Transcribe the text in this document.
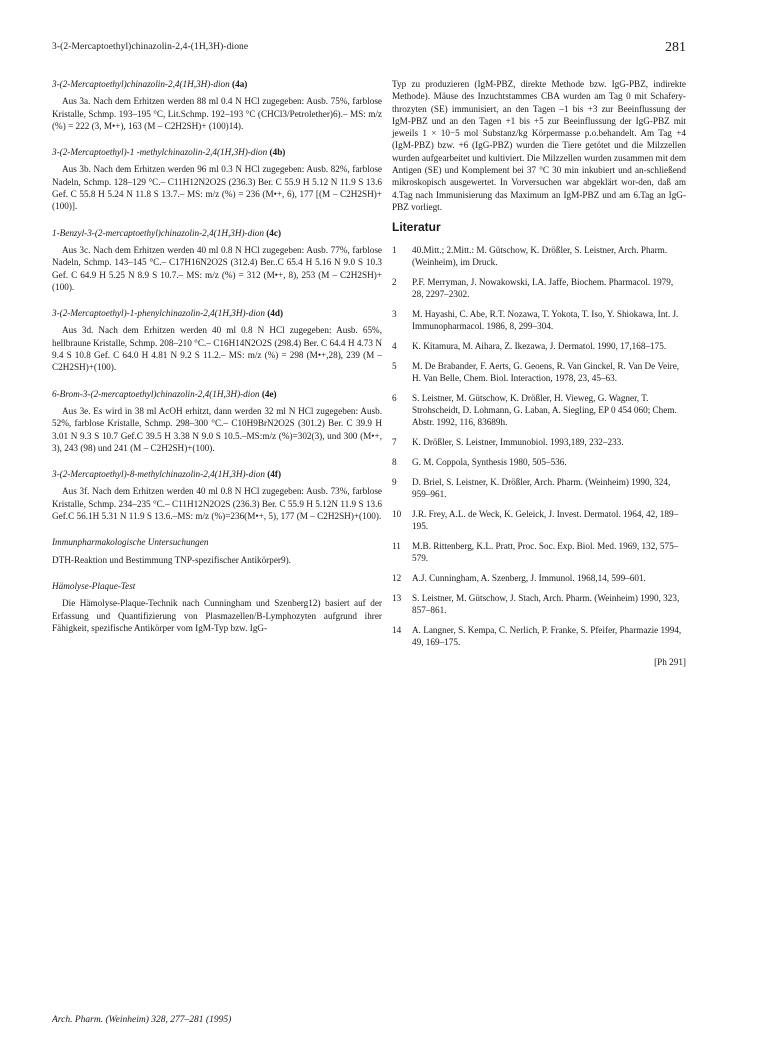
3-(2-Mercaptoethyl)chinazolin-2,4-(1H,3H)-dione	281
3-(2-Mercaptoethyl)chinazolin-2,4(1H,3H)-dion (4a)

Aus 3a. Nach dem Erhitzen werden 88 ml 0.4 N HCl zugegeben: Ausb. 75%, farblose Kristalle, Schmp. 193–195 °C, Lit.Schmp. 192–193 °C (CHCl3/Petrolether)6).– MS: m/z (%) = 222 (3, M•+), 163 (M – C2H2SH)+ (100)14).

3-(2-Mercaptoethyl)-1 -methylchinazolin-2,4(1H,3H)-dion (4b)

Aus 3b. Nach dem Erhitzen werden 96 ml 0.3 N HCl zugegeben: Ausb. 82%, farblose Nadeln, Schmp. 128–129 °C.– C11H12N2O2S (236.3) Ber. C 55.9 H 5.12 N 11.9 S 13.6 Gef. C 55.8 H 5.24 N 11.8 S 13.7.– MS: m/z (%) = 236 (M•+, 6), 177 [(M – C2H2SH)+(100)].

1-Benzyl-3-(2-mercaptoethyl)chinazolin-2,4(1H,3H)-dion (4c)

Aus 3c. Nach dem Erhitzen werden 40 ml 0.8 N HCl zugegeben: Ausb. 77%, farblose Nadeln, Schmp. 143–145 °C.– C17H16N2O2S (312.4) Ber..C 65.4 H 5.16 N 9.0 S 10.3 Gef. C 64.9 H 5.25 N 8.9 S 10.7.– MS: m/z (%) = 312 (M•+, 8), 253 (M – C2H2SH)+ (100).

3-(2-Mercaptoethyl)-1-phenylchinazolin-2,4(1H,3H)-dion (4d)

Aus 3d. Nach dem Erhitzen werden 40 ml 0.8 N HCl zugegeben: Ausb. 65%, hellbraune Kristalle, Schmp. 208–210 °C.– C16H14N2O2S (298.4) Ber. C 64.4 H 4.73 N 9.4 S 10.8 Gef. C 64.0 H 4.81 N 9.2 S 11.2.– MS: m/z (%) = 298 (M•+,28), 239 (M – C2H2SH)+(100).

6-Brom-3-(2-mercaptoethyl)chinazolin-2,4(1H,3H)-dion (4e)

Aus 3e. Es wird in 38 ml AcOH erhitzt, dann werden 32 ml N HCl zugegeben: Ausb. 52%, farblose Kristalle, Schmp. 298–300 °C.– C10H9BrN2O2S (301.2) Ber. C 39.9 H 3.01 N 9.3 S 10.7 Gef.C 39.5 H 3.38 N 9.0 S 10.5.–MS:m/z (%)=302(3), und 300 (M•+, 3), 243 (98) und 241 (M – C2H2SH)+(100).

3-(2-Mercaptoethyl)-8-methylchinazolin-2,4(1H,3H)-dion (4f)

Aus 3f. Nach dem Erhitzen werden 40 ml 0.8 N HCl zugegeben: Ausb. 73%, farblose Kristalle, Schmp. 234–235 °C.– C11H12N2O2S (236.3) Ber. C 55.9 H 5.12N 11.9 S 13.6 Gef.C 56.1H 5.31 N 11.9 S 13.6.–MS: m/z (%)=236(M•+, 5), 177 (M – C2H2SH)+(100).

Immunpharmakologische Untersuchungen

DTH-Reaktion und Bestimmung TNP-spezifischer Antikörper9).

Hämolyse-Plaque-Test

Die Hämolyse-Plaque-Technik nach Cunningham und Szenberg12) basiert auf der Erfassung und Quantifizierung von Plasmazellen/B-Lymphozyten aufgrund ihrer Fähigkeit, spezifische Antikörper vom IgM-Typ bzw. IgG-

Typ zu produzieren (IgM-PBZ, direkte Methode bzw. IgG-PBZ, indirekte Methode). Mäuse des Inzuchtstammes CBA wurden am Tag 0 mit Schafery-throzyten (SE) immunisiert, an den Tagen –1 bis +3 zur Beeinflussung der IgM-PBZ und an den Tagen +1 bis +5 zur Beeinflussung der IgG-PBZ mit jeweils 1 × 10−5 mol Substanz/kg Körpermasse p.o.behandelt. Am Tag +4 (IgM-PBZ) bzw. +6 (IgG-PBZ) wurden die Tiere getötet und die Milzzellen wurden aufgearbeitet und kultiviert. Die Milzzellen wurden zusammen mit dem Antigen (SE) und Komplement bei 37 °C 30 min inkubiert und an-schließend mikroskopisch ausgewertet. In Vorversuchen war abgeklärt wor-den, daß am 4.Tag nach Immunisierung das Maximum an IgM-PBZ und am 6.Tag an IgG-PBZ vorliegt.

Literatur
1	40.Mitt.; 2.Mitt.: M. Gütschow, K. Drößler, S. Leistner, Arch. Pharm. (Weinheim), im Druck.
2	P.F. Merryman, J. Nowakowski, I.A. Jaffe, Biochem. Pharmacol. 1979, 28, 2297–2302.
3	M. Hayashi, C. Abe, R.T. Nozawa, T. Yokota, T. Iso, Y. Shiokawa, Int. J. Immunopharmacol. 1986, 8, 299–304.
4	K. Kitamura, M. Aihara, Z. Ikezawa, J. Dermatol. 1990, 17,168–175.
5	M. De Brabander, F. Aerts, G. Geoens, R. Van Ginckel, R. Van De Veire, H. Van Belle, Chem. Biol. Interaction, 1978, 23, 45–63.
6	S. Leistner, M. Gütschow, K. Drößler, H. Vieweg, G. Wagner, T. Strohscheidt, D. Lohmann, G. Laban, A. Siegling, EP 0 454 060; Chem. Abstr. 1992, 116, 83689h.
7	K. Drößler, S. Leistner, Immunobiol. 1993,189, 232–233.
8	G. M. Coppola, Synthesis 1980, 505–536.
9	D. Briel, S. Leistner, K. Drößler, Arch. Pharm. (Weinheim) 1990, 324, 959–961.
10	J.R. Frey, A.L. de Weck, K. Geleick, J. Invest. Dermatol. 1964, 42, 189–195.
11	M.B. Rittenberg, K.L. Pratt, Proc. Soc. Exp. Biol. Med. 1969, 132, 575–579.
12	A.J. Cunningham, A. Szenberg, J. Immunol. 1968,14, 599–601.
13	S. Leistner, M. Gütschow, J. Stach, Arch. Pharm. (Weinheim) 1990, 323, 857–861.
14	A. Langner, S. Kempa, C. Nerlich, P. Franke, S. Pfeifer, Pharmazie 1994, 49, 169–175.
[Ph 291]
Arch. Pharm. (Weinheim) 328, 277–281 (1995)
